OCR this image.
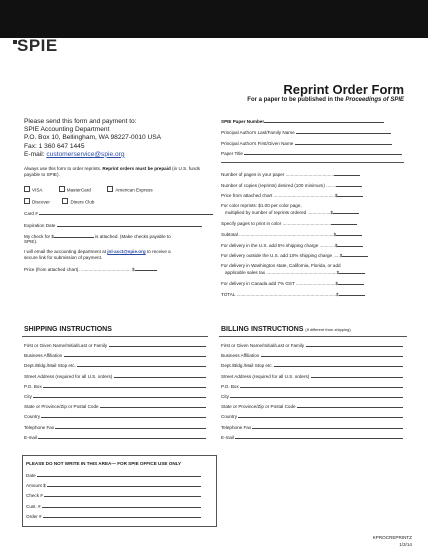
SPIE
Reprint Order Form
For a paper to be published in the Proceedings of SPIE
Please send this form and payment to:
SPIE Accounting Department
P.O. Box 10, Bellingham, WA 98227-0010 USA
Fax: 1 360 647 1445
E-mail: customerservice@spie.org
Always use this form to order reprints. Reprint orders must be prepaid (in U.S. funds payable to SPIE).
VISA	MasterCard	American Express
Discover	Diners Club
Card #
Expiration Date
My check for $	is attached. (Make checks payable to
SPIE).
I will email the accounting department at jnl-acct@spie.org to receive a
secure link for submission of payment.
Price (from attached chart). ....................................... $
SPIE Paper Number
Principal Author's Last/Family Name
Principal Author's First/Given Name
Paper Title
Number of pages in your paper ......................................
Number of copies (reprints) desired (100 minimum) ........
Price from attached chart ................................................$
For color reprints: $1.00 per color page,
multiplied by number of reprints ordered ..................$
Specify pages to print in color ......................................
Subtotal ..........................................................................$
For delivery in the U.S. add 5% shipping charge ............$
For delivery outside the U.S. add 10% shipping charge .....$
For delivery in Washington state, California, Florida, or add
applicable sales tax .......................................................$
For delivery in Canada add 7% GST ...............................$
TOTAL ..............................................................................$
SHIPPING INSTRUCTIONS	BILLING INSTRUCTIONS (if different from shipping)
First or Given Name/Initial/Last or Family
Business Affiliation
Dept./Bldg./Mail Stop etc.
Street Address (required for all U.S. orders)
P.O. Box
City
State or Province/Zip or Postal Code
Country
Telephone Fax
E-mail
First or Given Name/Initial/Last or Family
Business Affiliation
Dept./Bldg./Mail Stop etc.
Street Address (required for all U.S. orders)
P.O. Box
City
State or Province/Zip or Postal Code
Country
Telephone Fax
E-mail
PLEASE DO NOT WRITE IN THIS AREA— FOR SPIE OFFICE USE ONLY
Date
Amount $
Check #
Cust. #
Order #
KPROCREPRINTZ
1/3/14
